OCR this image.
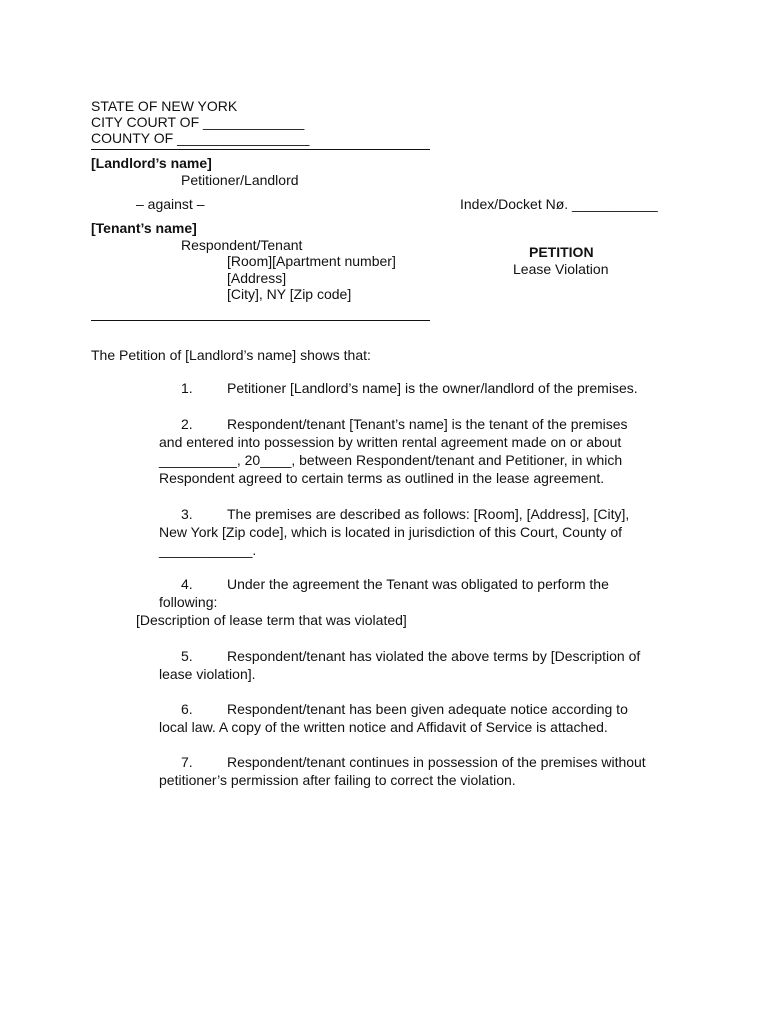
STATE OF NEW YORK
CITY COURT OF _____________
COUNTY OF _________________
[Landlord’s name]
Petitioner/Landlord
– against –	Index/Docket Nø. ___________
[Tenant’s name]
Respondent/Tenant
[Room][Apartment number]
[Address]
[City], NY [Zip code]
PETITION
Lease Violation
The Petition of [Landlord’s name] shows that:

1. Petitioner [Landlord’s name] is the owner/landlord of the premises.

2. Respondent/tenant [Tenant’s name] is the tenant of the premises

and entered into possession by written rental agreement made on or about

__________, 20____, between Respondent/tenant and Petitioner, in which

Respondent agreed to certain terms as outlined in the lease agreement.

3. The premises are described as follows: [Room], [Address], [City],

New York [Zip code], which is located in jurisdiction of this Court, County of

____________.

4. Under the agreement the Tenant was obligated to perform the

following:

[Description of lease term that was violated]

5. Respondent/tenant has violated the above terms by [Description of

lease violation].

6. Respondent/tenant has been given adequate notice according to

local law. A copy of the written notice and Affidavit of Service is attached.

7. Respondent/tenant continues in possession of the premises without

petitioner’s permission after failing to correct the violation.
